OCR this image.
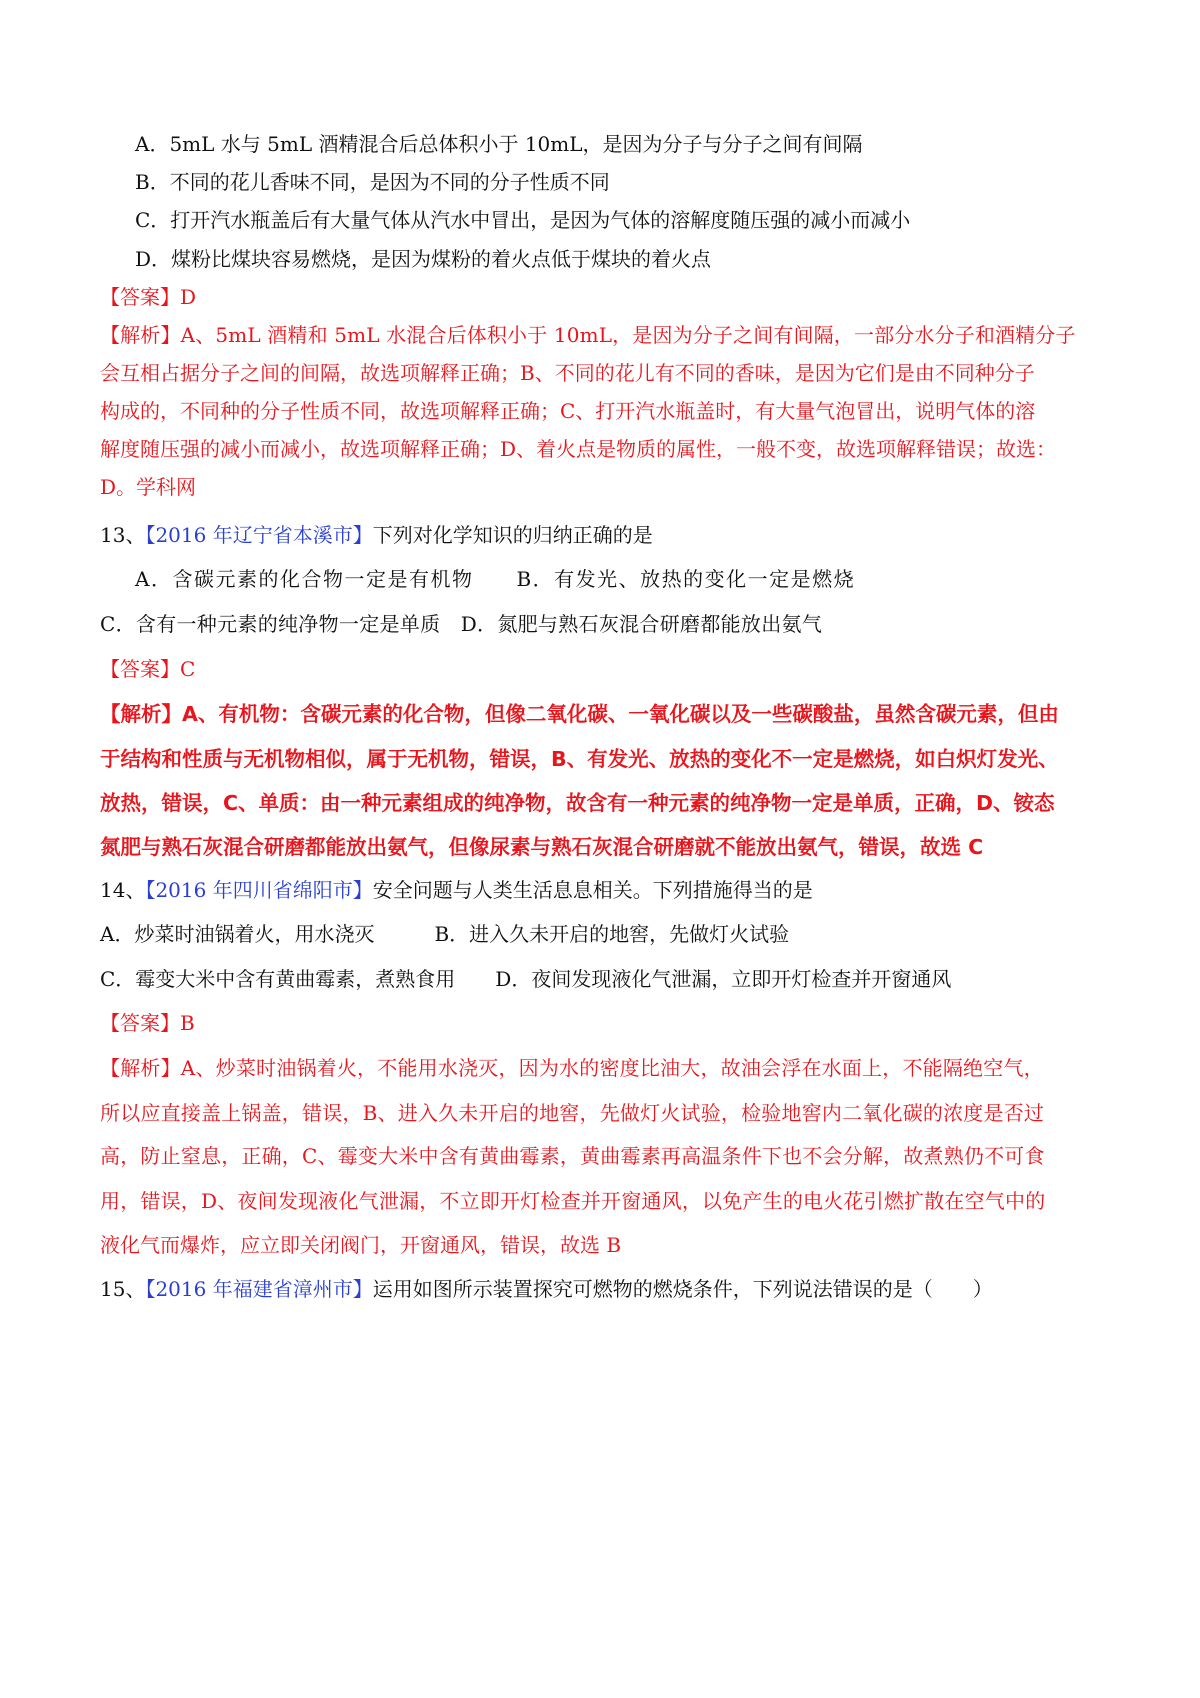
A．5mL 水与 5mL 酒精混合后总体积小于 10mL，是因为分子与分子之间有间隔
B．不同的花儿香味不同，是因为不同的分子性质不同
C．打开汽水瓶盖后有大量气体从汽水中冒出，是因为气体的溶解度随压强的减小而减小
D．煤粉比煤块容易燃烧，是因为煤粉的着火点低于煤块的着火点
【答案】D
【解析】A、5mL 酒精和 5mL 水混合后体积小于 10mL，是因为分子之间有间隔，一部分水分子和酒精分子
会互相占据分子之间的间隔，故选项解释正确；B、不同的花儿有不同的香味，是因为它们是由不同种分子
构成的，不同种的分子性质不同，故选项解释正确；C、打开汽水瓶盖时，有大量气泡冒出，说明气体的溶
解度随压强的减小而减小，故选项解释正确；D、着火点是物质的属性，一般不变，故选项解释错误；故选：
D。学科网
13、【2016 年辽宁省本溪市】下列对化学知识的归纳正确的是
A．含碳元素的化合物一定是有机物　　B．有发光、放热的变化一定是燃烧
C．含有一种元素的纯净物一定是单质　D．氮肥与熟石灰混合研磨都能放出氨气
【答案】C
【解析】A、有机物：含碳元素的化合物，但像二氧化碳、一氧化碳以及一些碳酸盐，虽然含碳元素，但由
于结构和性质与无机物相似，属于无机物，错误，B、有发光、放热的变化不一定是燃烧，如白炽灯发光、
放热，错误，C、单质：由一种元素组成的纯净物，故含有一种元素的纯净物一定是单质，正确，D、铵态
氮肥与熟石灰混合研磨都能放出氨气，但像尿素与熟石灰混合研磨就不能放出氨气，错误，故选 C
14、【2016 年四川省绵阳市】安全问题与人类生活息息相关。下列措施得当的是
A．炒菜时油锅着火，用水浇灭　　　B．进入久未开启的地窖，先做灯火试验
C．霉变大米中含有黄曲霉素，煮熟食用　　D．夜间发现液化气泄漏，立即开灯检查并开窗通风
【答案】B
【解析】A、炒菜时油锅着火，不能用水浇灭，因为水的密度比油大，故油会浮在水面上，不能隔绝空气，
所以应直接盖上锅盖，错误，B、进入久未开启的地窖，先做灯火试验，检验地窖内二氧化碳的浓度是否过
高，防止窒息，正确，C、霉变大米中含有黄曲霉素，黄曲霉素再高温条件下也不会分解，故煮熟仍不可食
用，错误，D、夜间发现液化气泄漏，不立即开灯检查并开窗通风，以免产生的电火花引燃扩散在空气中的
液化气而爆炸，应立即关闭阀门，开窗通风，错误，故选 B
15、【2016 年福建省漳州市】运用如图所示装置探究可燃物的燃烧条件，下列说法错误的是（　　）
